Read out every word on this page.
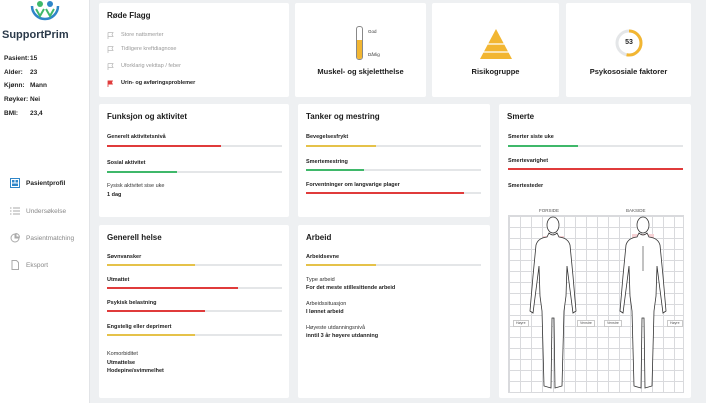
SupportPrim
Pasient: 15
Alder:	23
Kjønn: Mann
Røyker: Nei
BMI:	23,4
Pasientprofil
Undersøkelse
Pasientmatching
Eksport
Røde Flagg
Store nattsmerter
Tidligere kreftdiagnose
Uforklarig vekttap / feber
Urin- og avføringsproblemer
God
Dårlig
Muskel- og skjeletthelse	Risikogruppe
53
Psykososiale faktorer
Funksjon og aktivitet
Generelt aktivitetsnivå
Sosial aktivitet
Fysisk aktivitet sise uke
1 dag
Tanker og mestring
Bevegelsesfrykt
Smertemestring
Forventninger om langvarige plager
Smerte
Smerter siste uke
Smertevarighet
Smertesteder
FORSIDE	BAKSIDE
Høyre	Venstre	Venstre	Høyre
Generell helse
Søvnvansker
Utmattet
Psykisk belastning
Engstelig eller deprimert
Komorbiditet
Utmattelse
Hodepine/svimmelhet
Arbeid
Arbeidsevne
Type arbeid
For det meste stillesittende arbeid
Arbeidssituasjon
I lønnet arbeid
Høyeste utdanningsnivå
inntil 3 år høyere utdanning
